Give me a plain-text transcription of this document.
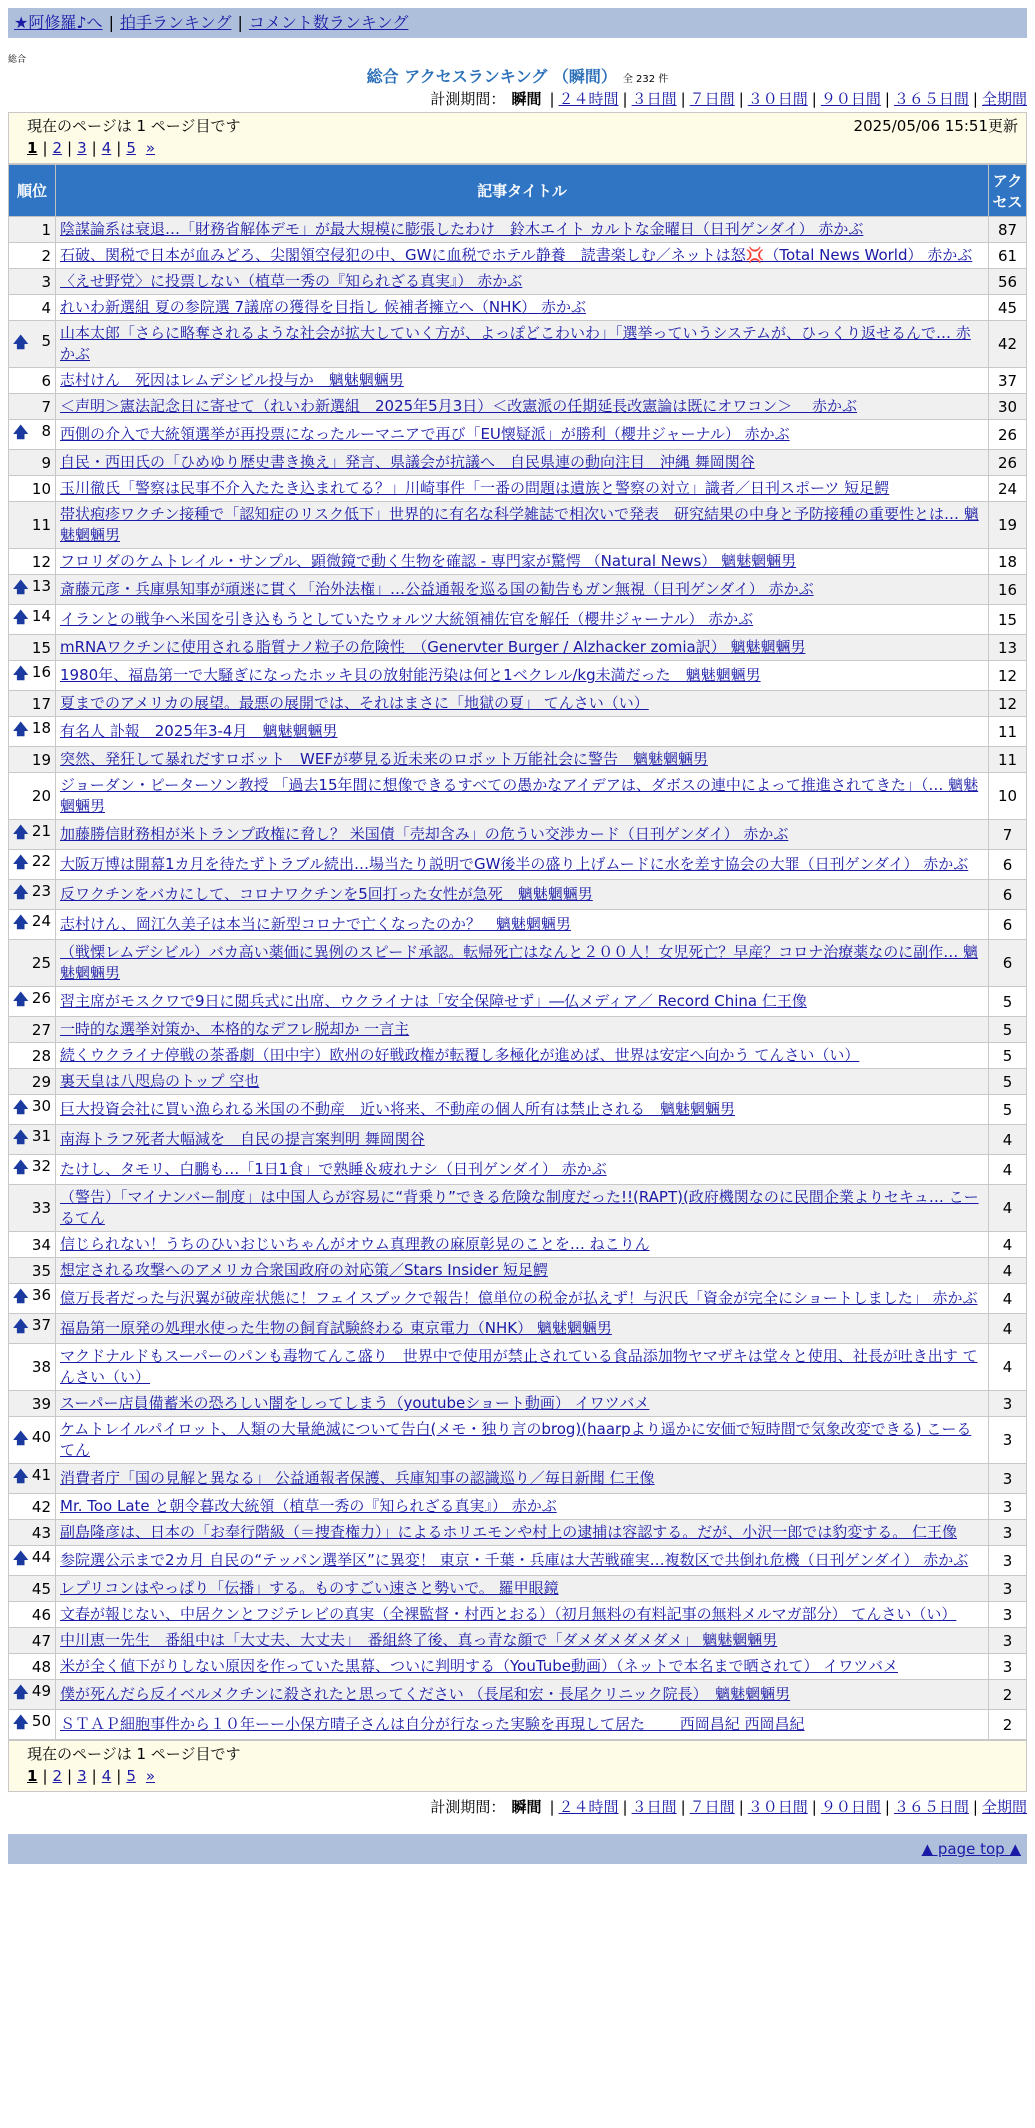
★阿修羅♪へ | 拍手ランキング | コメント数ランキング
総合
総合 アクセスランキング （瞬間） 全 232 件
計測期間： 瞬間 | ２４時間 | ３日間 | ７日間 | ３０日間 | ９０日間 | ３６５日間 | 全期間
現在のページは 1 ページ目です	2025/05/06 15:51更新
1 | 2 | 3 | 4 | 5 »
順位	記事タイトル	アクセス
1	陰謀論系は衰退…「財務省解体デモ」が最大規模に膨張したわけ　鈴木エイト カルトな金曜日（日刊ゲンダイ） 赤かぶ	87
2	石破、関税で日本が血みどろ、尖閣領空侵犯の中、GWに血税でホテル静養　読書楽しむ／ネットは怒💢（Total News World） 赤かぶ	61
3	〈えせ野党〉に投票しない（植草一秀の『知られざる真実』） 赤かぶ	56
4	れいわ新選組 夏の参院選 7議席の獲得を目指し 候補者擁立へ（NHK） 赤かぶ	45

🡅 5	山本太郎「さらに略奪されるような社会が拡大していく方が、よっぽどこわいわ」「選挙っていうシステムが、ひっくり返せるんで… 赤かぶ	42
6	志村けん　死因はレムデシビル投与か　魑魅魍魎男	37
7	＜声明＞憲法記念日に寄せて（れいわ新選組　2025年5月3日）＜改憲派の任期延長改憲論は既にオワコン＞　 赤かぶ	30

🡅 8	西側の介入で大統領選挙が再投票になったルーマニアで再び「EU懐疑派」が勝利（櫻井ジャーナル） 赤かぶ	26
9	自民・西田氏の「ひめゆり歴史書き換え」発言、県議会が抗議へ　自民県連の動向注目　沖縄 舞岡関谷	26
10	玉川徹氏「警察は民事不介入たたき込まれてる？」川崎事件「一番の問題は遺族と警察の対立」識者／日刊スポーツ 短足鰐	24
11	帯状疱疹ワクチン接種で「認知症のリスク低下」世界的に有名な科学雑誌で相次いで発表　研究結果の中身と予防接種の重要性とは… 魑魅魍魎男	19
12	フロリダのケムトレイル・サンプル、顕微鏡で動く生物を確認 - 専門家が驚愕 （Natural News） 魑魅魍魎男	18

🡅 13	斎藤元彦・兵庫県知事が頑迷に貫く「治外法権」…公益通報を巡る国の勧告もガン無視（日刊ゲンダイ） 赤かぶ	16

🡅 14	イランとの戦争へ米国を引き込もうとしていたウォルツ大統領補佐官を解任（櫻井ジャーナル） 赤かぶ	15
15	mRNAワクチンに使用される脂質ナノ粒子の危険性　（Genervter Burger / Alzhacker zomia訳） 魑魅魍魎男	13

🡅 16	1980年、福島第一で大騒ぎになったホッキ貝の放射能汚染は何と1ベクレル/kg未満だった　魑魅魍魎男	12
17	夏までのアメリカの展望。最悪の展開では、それはまさに「地獄の夏」 てんさい（い）	12

🡅 18	有名人 訃報　2025年3-4月　魑魅魍魎男	11
19	突然、発狂して暴れだすロボット　WEFが夢見る近未来のロボット万能社会に警告　魑魅魍魎男	11
20	ジョーダン・ピーターソン教授 「過去15年間に想像できるすべての愚かなアイデアは、ダボスの連中によって推進されてきた」（… 魑魅魍魎男	10

🡅 21	加藤勝信財務相が米トランプ政権に脅し？ 米国債「売却含み」の危うい交渉カード（日刊ゲンダイ） 赤かぶ	7

🡅 22	大阪万博は開幕1カ月を待たずトラブル続出…場当たり説明でGW後半の盛り上げムードに水を差す協会の大罪（日刊ゲンダイ） 赤かぶ	6

🡅 23	反ワクチンをバカにして、コロナワクチンを5回打った女性が急死　魑魅魍魎男	6

🡅 24	志村けん、岡江久美子は本当に新型コロナで亡くなったのか？　魑魅魍魎男	6
25	（戦慄レムデシビル）バカ高い薬価に異例のスピード承認。転帰死亡はなんと２００人！女児死亡？早産？コロナ治療薬なのに副作… 魑魅魍魎男	6

🡅 26	習主席がモスクワで9日に閲兵式に出席、ウクライナは「安全保障せず」―仏メディア／ Record China 仁王像	5
27	一時的な選挙対策か、本格的なデフレ脱却か 一言主	5
28	続くウクライナ停戦の茶番劇（田中宇）欧州の好戦政権が転覆し多極化が進めば、世界は安定へ向かう てんさい（い）	5
29	裏天皇は八咫烏のトップ 空也	5

🡅 30	巨大投資会社に買い漁られる米国の不動産　近い将来、不動産の個人所有は禁止される　魑魅魍魎男	5

🡅 31	南海トラフ死者大幅減を　自民の提言案判明 舞岡関谷	4

🡅 32	たけし、タモリ、白鵬も…「1日1食」で熟睡＆疲れナシ（日刊ゲンダイ） 赤かぶ	4
33	（警告）「マイナンバー制度」は中国人らが容易に“背乗り”できる危険な制度だった!!(RAPT)(政府機関なのに民間企業よりセキュ… こーるてん	4
34	信じられない！うちのひいおじいちゃんがオウム真理教の麻原彰晃のことを… ねこりん	4
35	想定される攻撃へのアメリカ合衆国政府の対応策／Stars Insider 短足鰐	4

🡅 36	億万長者だった与沢翼が破産状態に！フェイスブックで報告！億単位の税金が払えず！与沢氏「資金が完全にショートしました」 赤かぶ	4

🡅 37	福島第一原発の処理水使った生物の飼育試験終わる 東京電力（NHK） 魑魅魍魎男	4
38	マクドナルドもスーパーのパンも毒物てんこ盛り　世界中で使用が禁止されている食品添加物ヤマザキは堂々と使用、社長が吐き出す てんさい（い）	4
39	スーパー店員備蓄米の恐ろしい闇をしってしまう（youtubeショート動画） イワツバメ	3

🡅 40	ケムトレイルパイロット、人類の大量絶滅について告白(メモ・独り言のbrog)(haarpより遥かに安価で短時間で気象改変できる) こーるてん	3

🡅 41	消費者庁「国の見解と異なる」 公益通報者保護、兵庫知事の認識巡り／毎日新聞 仁王像	3
42	Mr. Too Late と朝令暮改大統領（植草一秀の『知られざる真実』） 赤かぶ	3
43	副島隆彦は、日本の「お奉行階級（＝捜査権力）」によるホリエモンや村上の逮捕は容認する。だが、小沢一郎では豹変する。 仁王像	3

🡅 44	参院選公示まで2カ月 自民の“テッパン選挙区”に異変！ 東京・千葉・兵庫は大苦戦確実…複数区で共倒れ危機（日刊ゲンダイ） 赤かぶ	3
45	レプリコンはやっぱり「伝播」する。ものすごい速さと勢いで。 羅甲眼鏡	3
46	文春が報じない、中居クンとフジテレビの真実（全裸監督・村西とおる）（初月無料の有料記事の無料メルマガ部分） てんさい（い）	3
47	中川恵一先生　番組中は「大丈夫、大丈夫」　番組終了後、真っ青な顔で「ダメダメダメダメ」 魑魅魍魎男	3
48	米が全く値下がりしない原因を作っていた黒幕、ついに判明する（YouTube動画）（ネットで本名まで晒されて） イワツバメ	3

🡅 49	僕が死んだら反イベルメクチンに殺されたと思ってください （長尾和宏・長尾クリニック院長）　魑魅魍魎男	2

🡅 50	ＳＴＡＰ細胞事件から１０年ーー小保方晴子さんは自分が行なった実験を再現して居た　　 西岡昌紀 西岡昌紀	2
現在のページは 1 ページ目です
1 | 2 | 3 | 4 | 5 »
計測期間： 瞬間 | ２４時間 | ３日間 | ７日間 | ３０日間 | ９０日間 | ３６５日間 | 全期間
▲ page top ▲
